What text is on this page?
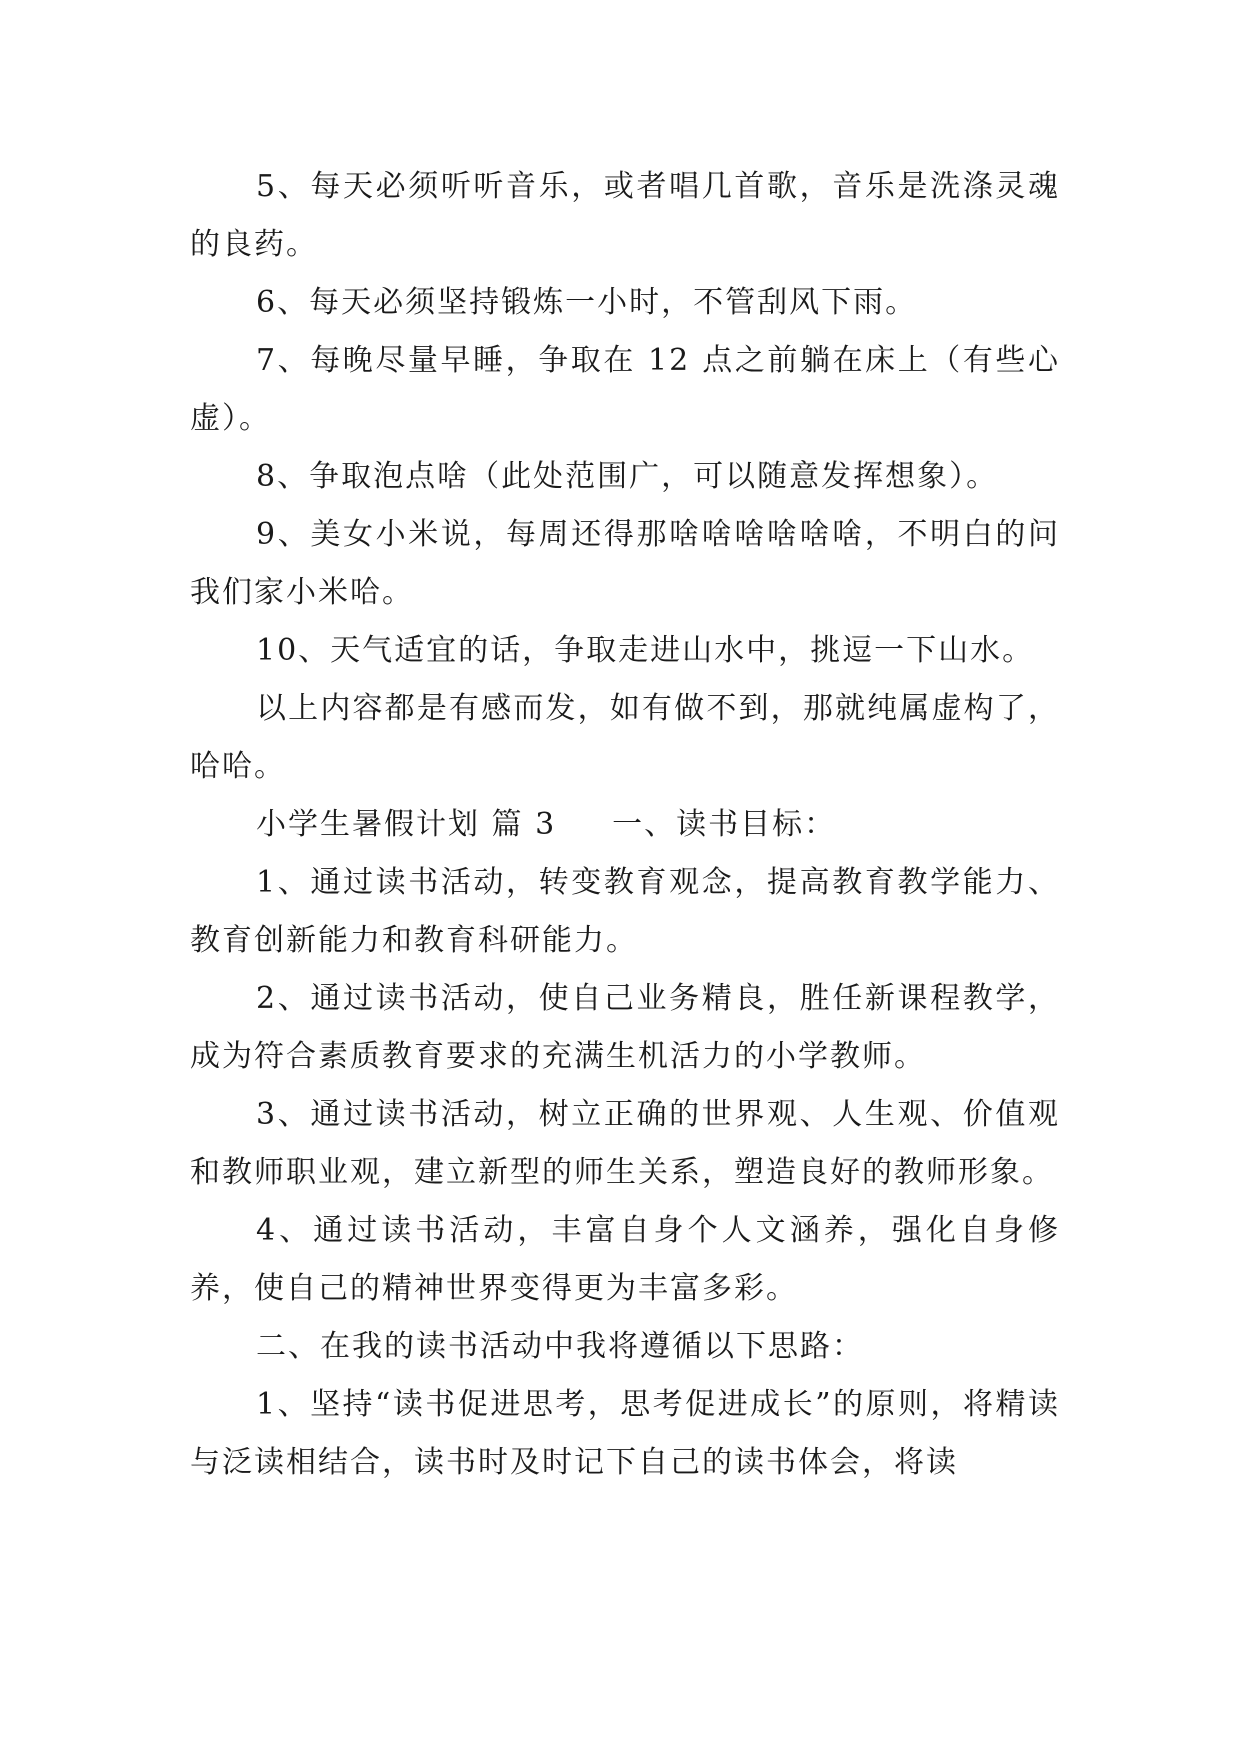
5、每天必须听听音乐，或者唱几首歌，音乐是洗涤灵魂的良药。

6、每天必须坚持锻炼一小时，不管刮风下雨。

7、每晚尽量早睡，争取在 12 点之前躺在床上（有些心虚）。

8、争取泡点啥（此处范围广，可以随意发挥想象）。

9、美女小米说，每周还得那啥啥啥啥啥啥，不明白的问我们家小米哈。

10、天气适宜的话，争取走进山水中，挑逗一下山水。

以上内容都是有感而发，如有做不到，那就纯属虚构了，哈哈。

小学生暑假计划 篇 3 一、读书目标：

1、通过读书活动，转变教育观念，提高教育教学能力、教育创新能力和教育科研能力。

2、通过读书活动，使自己业务精良，胜任新课程教学，成为符合素质教育要求的充满生机活力的小学教师。

3、通过读书活动，树立正确的世界观、人生观、价值观和教师职业观，建立新型的师生关系，塑造良好的教师形象。

4、通过读书活动，丰富自身个人文涵养，强化自身修养，使自己的精神世界变得更为丰富多彩。

二、在我的读书活动中我将遵循以下思路：

1、坚持“读书促进思考，思考促进成长”的原则，将精读与泛读相结合，读书时及时记下自己的读书体会，将读
